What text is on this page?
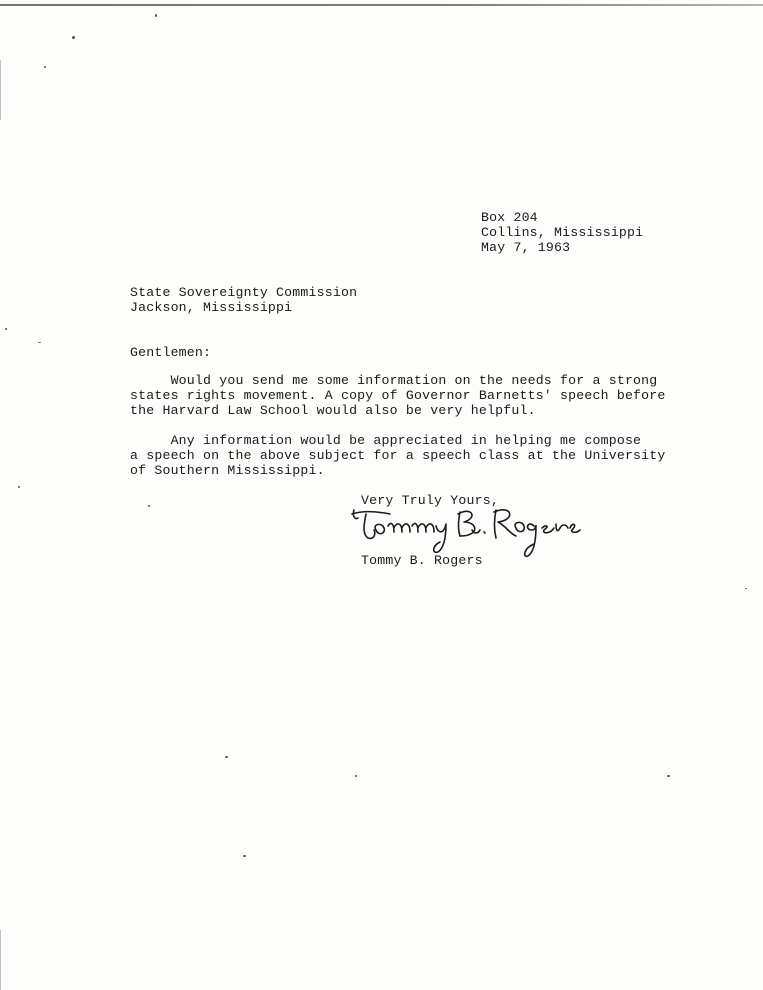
Box 204
Collins, Mississippi
May 7, 1963
State Sovereignty Commission
Jackson, Mississippi
Gentlemen:
Would you send me some information on the needs for a strong
states rights movement. A copy of Governor Barnetts' speech before
the Harvard Law School would also be very helpful.
Any information would be appreciated in helping me compose
a speech on the above subject for a speech class at the University
of Southern Mississippi.
Very Truly Yours,
Tommy B. Rogers
